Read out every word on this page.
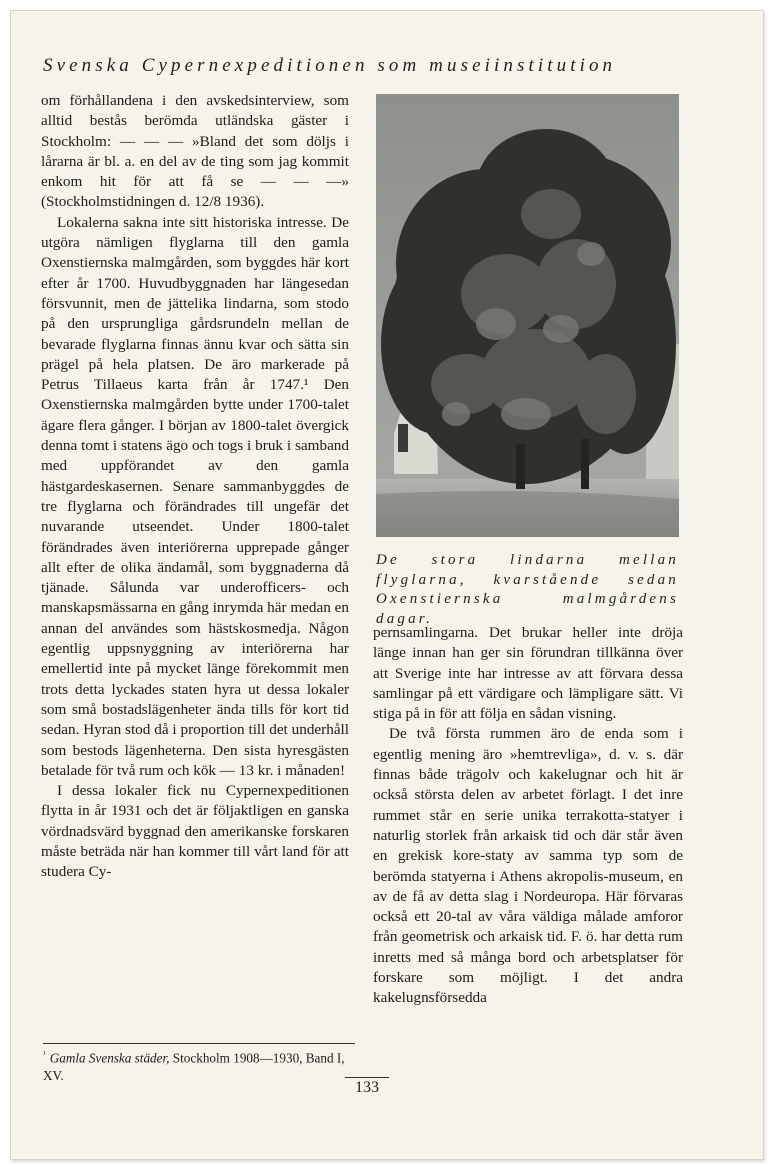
Svenska Cypernexpeditionen som museiinstitution

om förhållandena i den avskedsinterview, som alltid bestås berömda utländska gäster i Stockholm: — — — »Bland det som döljs i lårarna är bl. a. en del av de ting som jag kommit enkom hit för att få se — — —» (Stockholmstidningen d. 12/8 1936).

Lokalerna sakna inte sitt historiska intresse. De utgöra nämligen flyglarna till den gamla Oxenstiernska malmgården, som byggdes här kort efter år 1700. Huvudbyggnaden har längesedan försvunnit, men de jättelika lindarna, som stodo på den ursprungliga gårdsrundeln mellan de bevarade flyglarna finnas ännu kvar och sätta sin prägel på hela platsen. De äro markerade på Petrus Tillaeus karta från år 1747.¹ Den Oxenstiernska malmgården bytte under 1700-talet ägare flera gånger. I början av 1800-talet övergick denna tomt i statens ägo och togs i bruk i samband med uppförandet av den gamla hästgardeskasernen. Senare sammanbyggdes de tre flyglarna och förändrades till ungefär det nuvarande utseendet. Under 1800-talet förändrades även interiörerna upprepade gånger allt efter de olika ändamål, som byggnaderna då tjänade. Sålunda var underofficers- och manskapsmässarna en gång inrymda här medan en annan del användes som hästskosmedja. Någon egentlig uppsnyggning av interiörerna har emellertid inte på mycket länge förekommit men trots detta lyckades staten hyra ut dessa lokaler som små bostadslägenheter ända tills för kort tid sedan. Hyran stod då i proportion till det underhåll som bestods lägenheterna. Den sista hyresgästen betalade för två rum och kök — 13 kr. i månaden!

I dessa lokaler fick nu Cypernexpeditionen flytta in år 1931 och det är följaktligen en ganska vördnadsvärd byggnad den amerikanske forskaren måste beträda när han kommer till vårt land för att studera Cy-

De stora lindarna mellan flyglarna, kvarstående sedan Oxenstiernska malmgårdens dagar.

pernsamlingarna. Det brukar heller inte dröja länge innan han ger sin förundran tillkänna över att Sverige inte har intresse av att förvara dessa samlingar på ett värdigare och lämpligare sätt. Vi stiga på in för att följa en sådan visning.

De två första rummen äro de enda som i egentlig mening äro »hemtrevliga», d. v. s. där finnas både trägolv och kakelugnar och hit är också största delen av arbetet förlagt. I det inre rummet står en serie unika terrakotta-statyer i naturlig storlek från arkaisk tid och där står även en grekisk kore-staty av samma typ som de berömda statyerna i Athens akropolis-museum, en av de få av detta slag i Nordeuropa. Här förvaras också ett 20-tal av våra väldiga målade amforor från geometrisk och arkaisk tid. F. ö. har detta rum inretts med så många bord och arbetsplatser för forskare som möjligt. I det andra kakelugnsförsedda

$^{^1}$ Gamla Svenska städer, Stockholm 1908—1930, Band I, XV.
133
